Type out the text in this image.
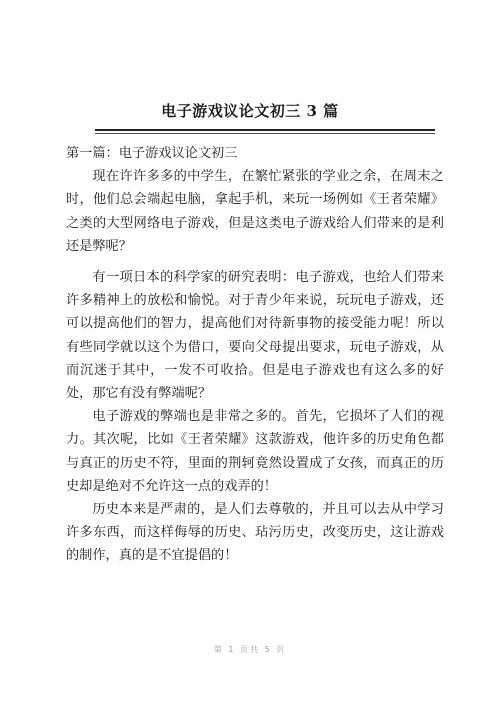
电子游戏议论文初三 3 篇

第一篇：电子游戏议论文初三

现在许许多多的中学生，在繁忙紧张的学业之余，在周末之时，他们总会端起电脑，拿起手机，来玩一场例如《王者荣耀》之类的大型网络电子游戏，但是这类电子游戏给人们带来的是利还是弊呢？

有一项日本的科学家的研究表明：电子游戏，也给人们带来许多精神上的放松和愉悦。对于青少年来说，玩玩电子游戏，还可以提高他们的智力，提高他们对待新事物的接受能力呢！所以有些同学就以这个为借口，要向父母提出要求，玩电子游戏，从而沉迷于其中，一发不可收拾。但是电子游戏也有这么多的好处，那它有没有弊端呢？

电子游戏的弊端也是非常之多的。首先，它损坏了人们的视力。其次呢，比如《王者荣耀》这款游戏，他许多的历史角色都与真正的历史不符，里面的荆轲竟然设置成了女孩，而真正的历史却是绝对不允许这一点的戏弄的！

历史本来是严肃的，是人们去尊敬的，并且可以去从中学习许多东西，而这样侮辱的历史、玷污历史，改变历史，这让游戏的制作，真的是不宜提倡的！

第 1 页共 5 页
